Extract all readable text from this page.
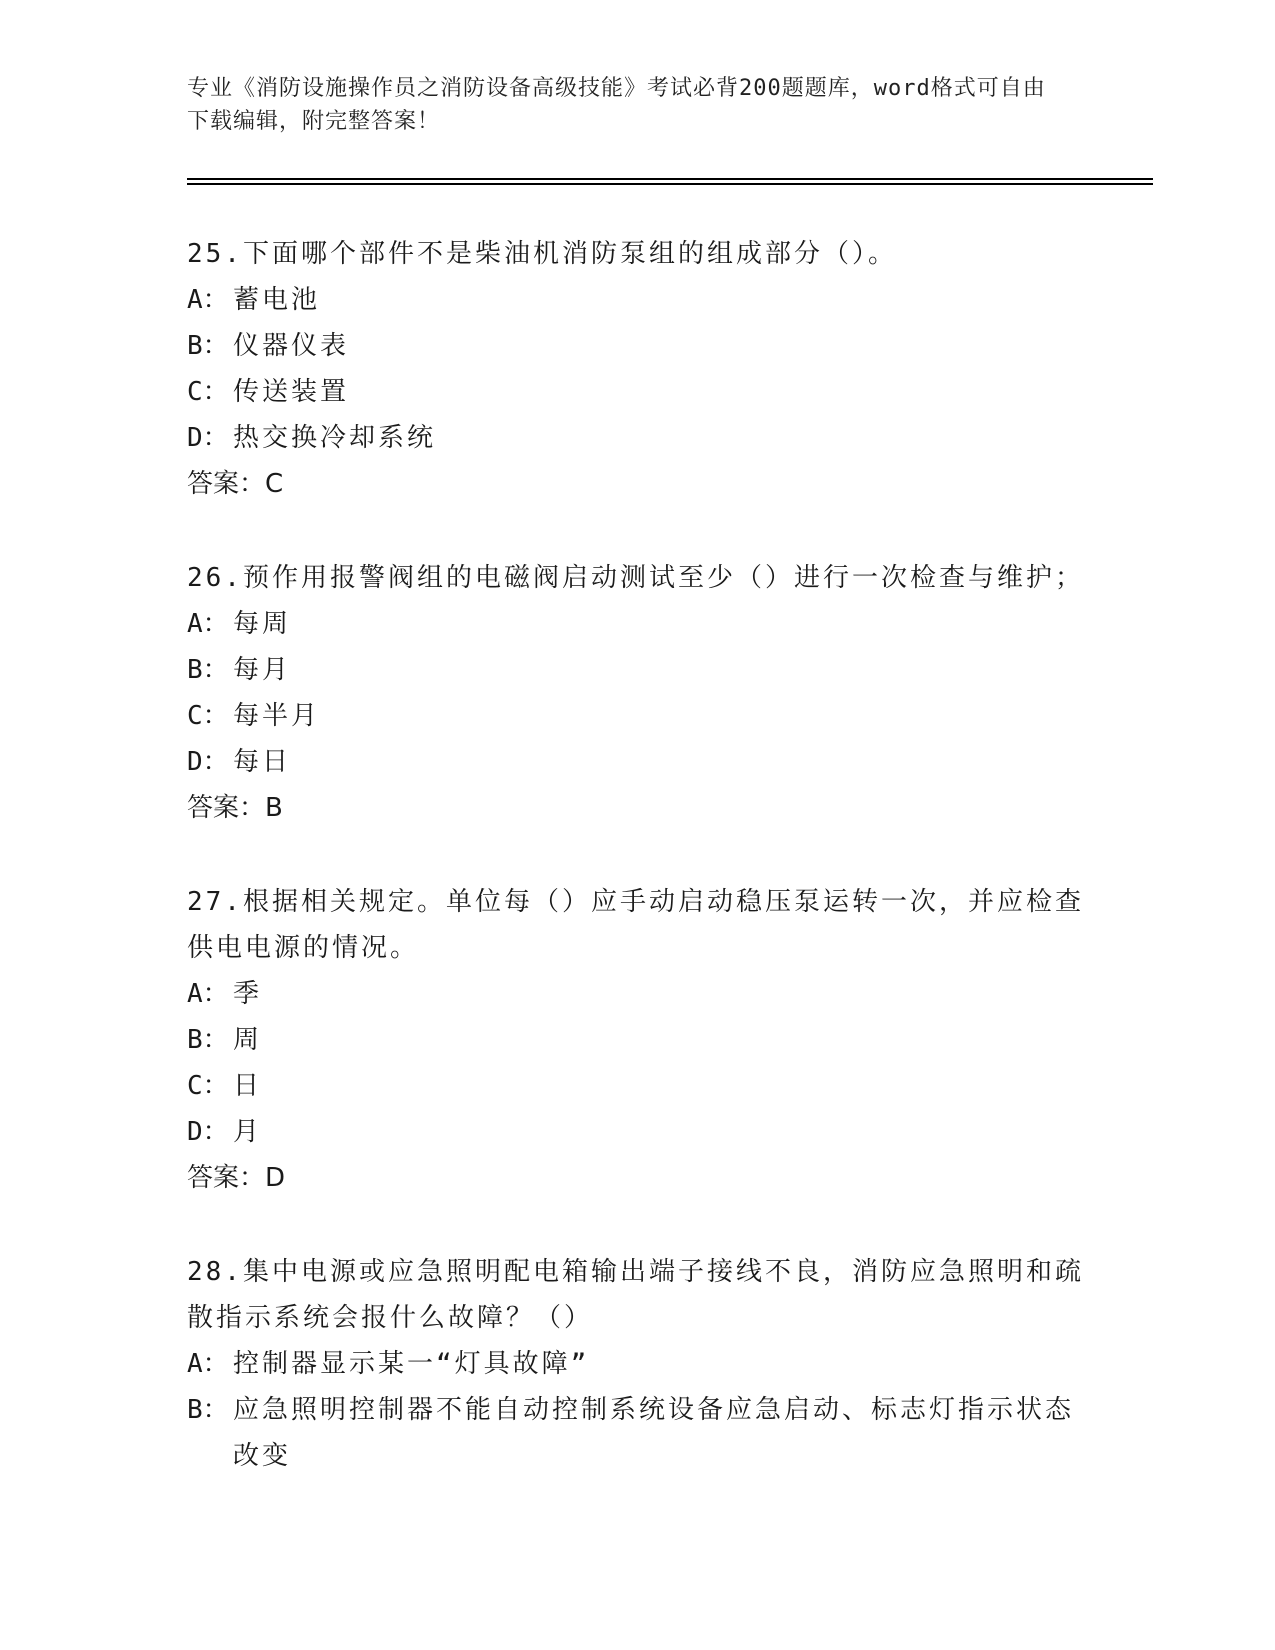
专业《消防设施操作员之消防设备高级技能》考试必背200题题库，word格式可自由下载编辑，附完整答案！

25.下面哪个部件不是柴油机消防泵组的组成部分（）。

A： 蓄电池
B： 仪器仪表
C： 传送装置
D： 热交换冷却系统

答案：C

26.预作用报警阀组的电磁阀启动测试至少（）进行一次检查与维护；

A： 每周
B： 每月
C： 每半月
D： 每日

答案：B

27.根据相关规定。单位每（）应手动启动稳压泵运转一次，并应检查供电电源的情况。

A： 季
B： 周
C： 日
D： 月

答案：D

28.集中电源或应急照明配电箱输出端子接线不良，消防应急照明和疏散指示系统会报什么故障？（）

A： 控制器显示某一“灯具故障”
B： 应急照明控制器不能自动控制系统设备应急启动、标志灯指示状态改变
